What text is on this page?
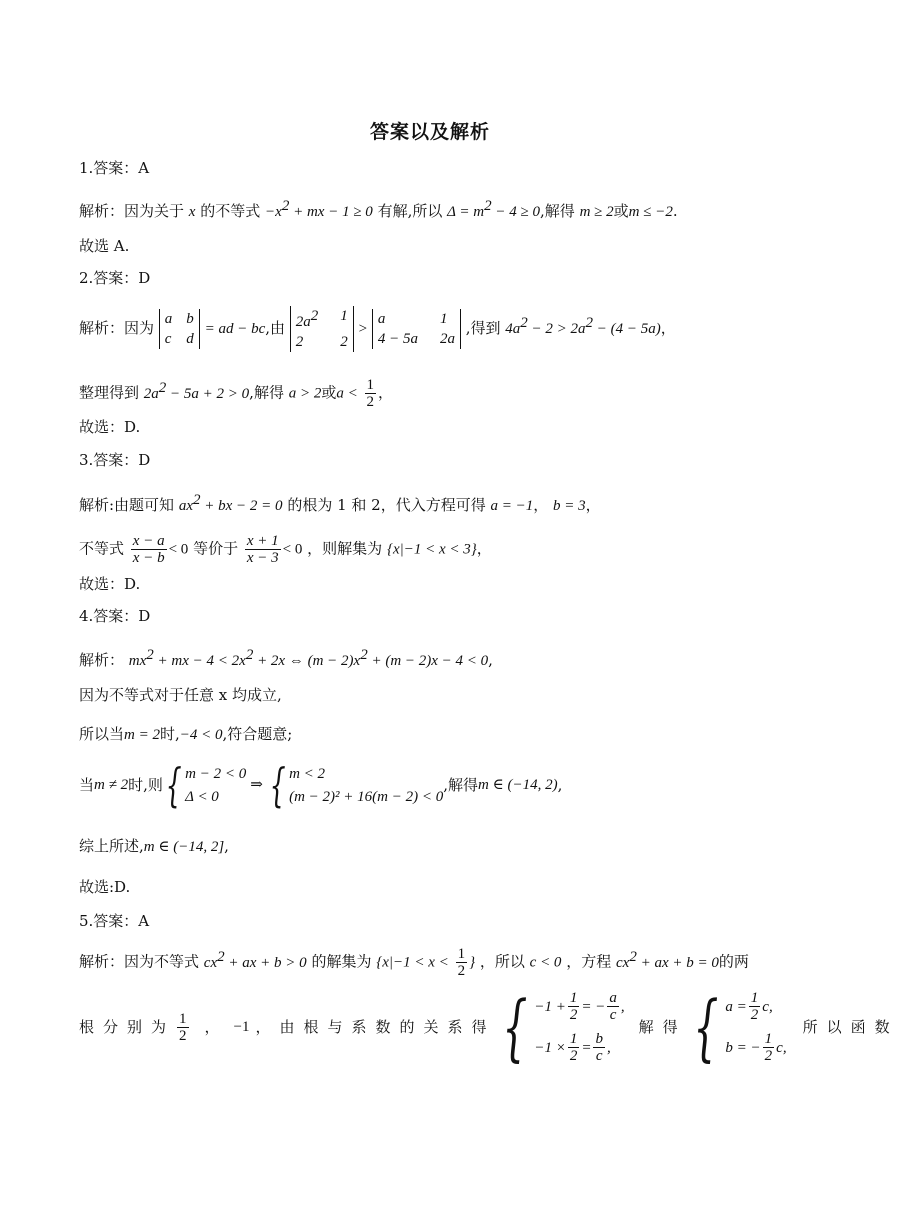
答案以及解析
1.答案：A
解析：因为关于 x 的不等式 $-x^2$ + mx − 1 ≥ 0 有解,所以 $\Delta = m^2 - 4 \ge 0$,解得 m ≥ 2或m ≤ −2.
故选 A.
2.答案：D
解析：因为 a b
c d
= ad − bc,由 $2a^2$ 1
2	2
>
a	1
4 − 5a 2a
,得到 $4a^2 - 2 > 2a^2 - (4 - 5a)$，
整理得到 $2a^2 - 5a + 2 > 0$,解得 a > 2或$a < \frac{1}{2}$ ，
故选：D.
3.答案：D
解析:由题可知 $ax^2$ + bx − 2 = 0 的根为 1 和 2，代入方程可得 a = −1， b = 3，
不等式 $\frac{x - a}{x - b} < 0$ 等价于 $\frac{x + 1}{x - 3} < 0$ ，则解集为 {x|−1 < x < 3}，
故选：D.
4.答案：D
解析： $mx^2$ + mx − $4 < 2x^2 + 2x$ ⇔ $(m - 2)x^2 + (m - 2)x - 4 < 0$,
因为不等式对于任意 x 均成立,
所以当m = 2时,−4 < 0,符合题意;
当 m ≠ 2 时,则 { m − 2 < 0
Δ < 0
⇒ { m < 2
(m − 2)² + 16(m − 2) < 0
,解得 m ∈ (−14, 2) ,
综上所述,m ∈ (−14, 2],
故选:D.
5.答案：A
解析：因为不等式 $cx^2$ + ax + b > 0 的解集为 {$x|-1 < x < \frac{1}{2}$ } ，所以 c < 0 ，方程 $cx^2$ + ax + b = 0的两
根分别为 $\frac{1}{2}$ ， −1 ，由根与系数的关系得 { $-1 + \frac{1}{2}$ = − $\frac{a}{c}$ ,
$-1 \times \frac{1}{2} = \frac{b}{c}$ ,
解得 { $a = \frac{1}{2} c$,
b = − $\frac{1}{2} c$,
所以函数
